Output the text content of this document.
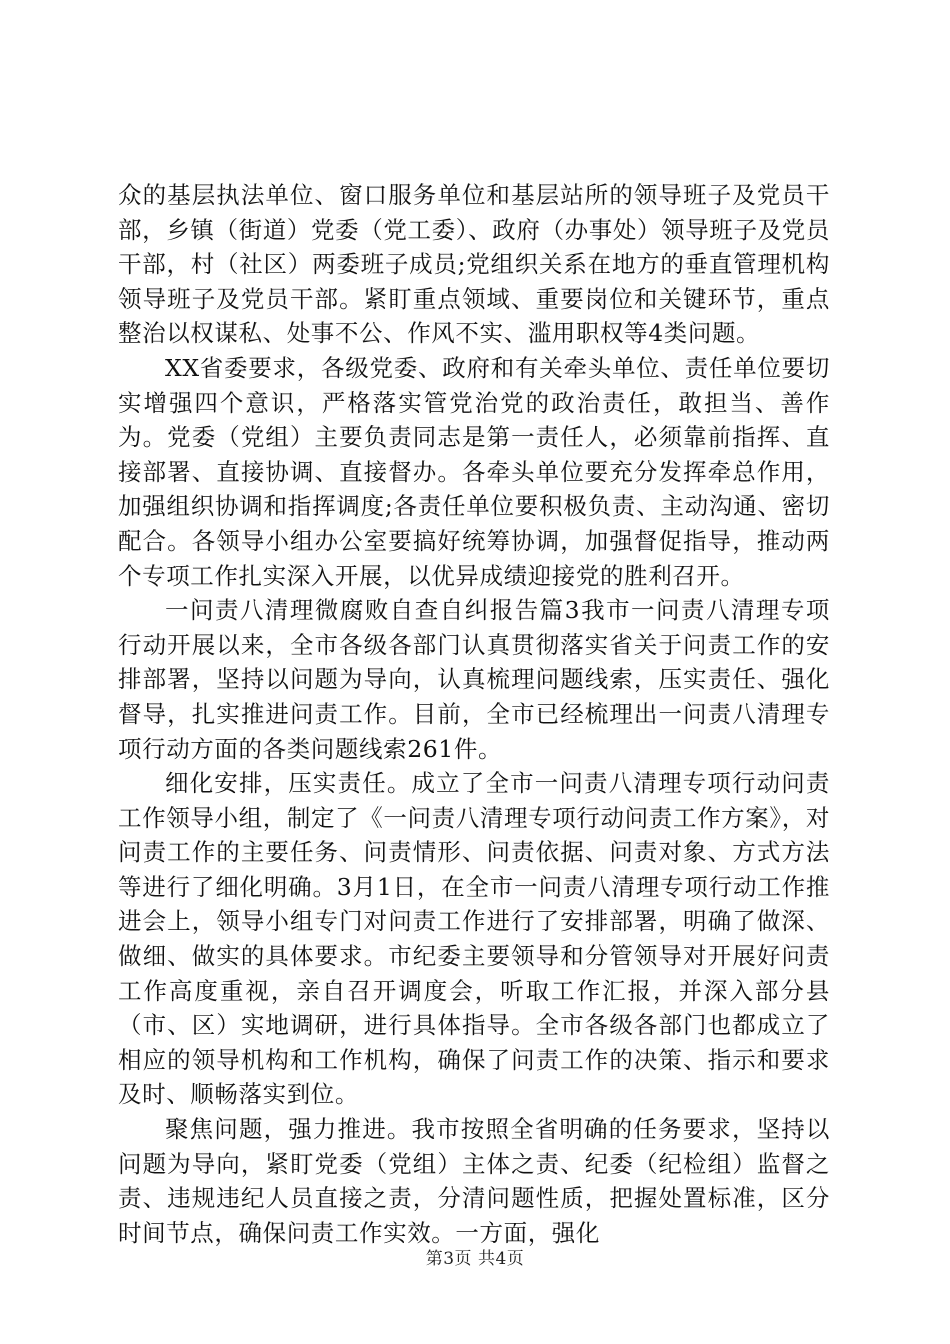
众的基层执法单位、窗口服务单位和基层站所的领导班子及党员干部，乡镇（街道）党委（党工委）、政府（办事处）领导班子及党员干部，村（社区）两委班子成员;党组织关系在地方的垂直管理机构领导班子及党员干部。紧盯重点领域、重要岗位和关键环节，重点整治以权谋私、处事不公、作风不实、滥用职权等4类问题。

XX省委要求，各级党委、政府和有关牵头单位、责任单位要切实增强四个意识，严格落实管党治党的政治责任，敢担当、善作为。党委（党组）主要负责同志是第一责任人，必须靠前指挥、直接部署、直接协调、直接督办。各牵头单位要充分发挥牵总作用，加强组织协调和指挥调度;各责任单位要积极负责、主动沟通、密切配合。各领导小组办公室要搞好统筹协调，加强督促指导，推动两个专项工作扎实深入开展，以优异成绩迎接党的胜利召开。

一问责八清理微腐败自查自纠报告篇3我市一问责八清理专项行动开展以来，全市各级各部门认真贯彻落实省关于问责工作的安排部署，坚持以问题为导向，认真梳理问题线索，压实责任、强化督导，扎实推进问责工作。目前，全市已经梳理出一问责八清理专项行动方面的各类问题线索261件。

细化安排，压实责任。成立了全市一问责八清理专项行动问责工作领导小组，制定了《一问责八清理专项行动问责工作方案》，对问责工作的主要任务、问责情形、问责依据、问责对象、方式方法等进行了细化明确。3月1日，在全市一问责八清理专项行动工作推进会上，领导小组专门对问责工作进行了安排部署，明确了做深、做细、做实的具体要求。市纪委主要领导和分管领导对开展好问责工作高度重视，亲自召开调度会，听取工作汇报，并深入部分县（市、区）实地调研，进行具体指导。全市各级各部门也都成立了相应的领导机构和工作机构，确保了问责工作的决策、指示和要求及时、顺畅落实到位。

聚焦问题，强力推进。我市按照全省明确的任务要求，坚持以问题为导向，紧盯党委（党组）主体之责、纪委（纪检组）监督之责、违规违纪人员直接之责，分清问题性质，把握处置标准，区分时间节点，确保问责工作实效。一方面，强化

第3页 共4页
